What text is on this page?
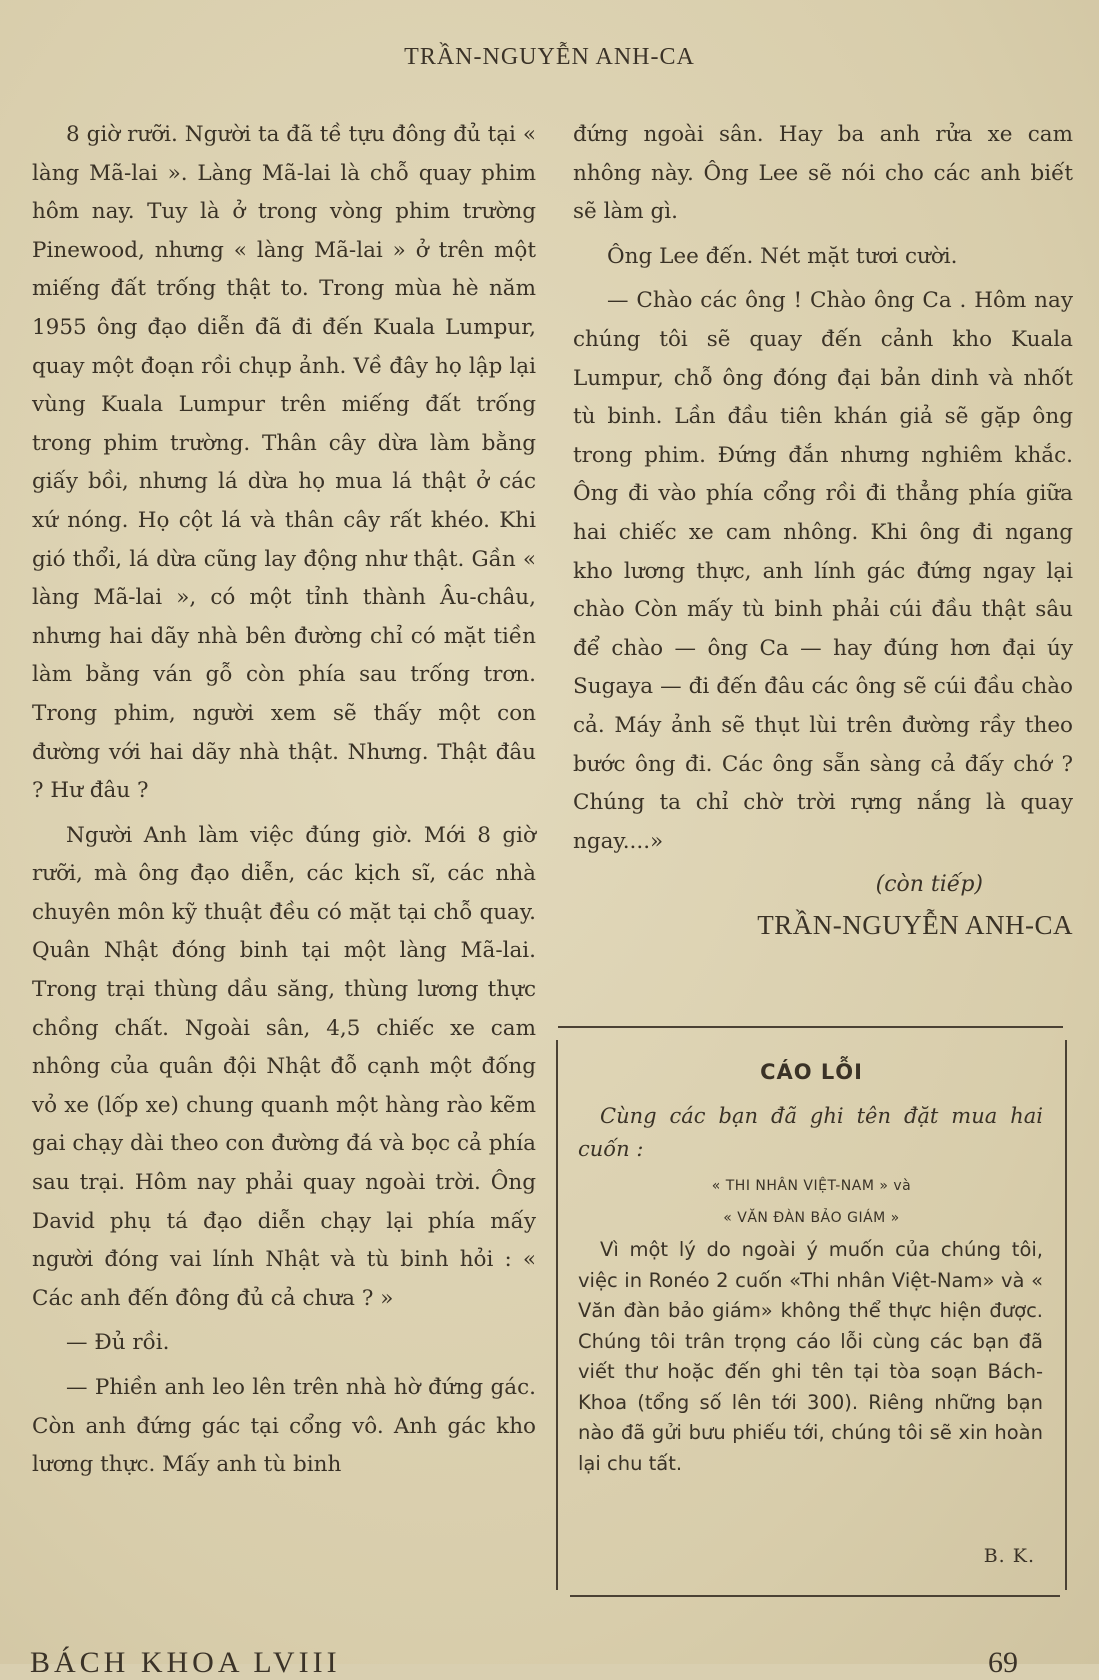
TRẦN-NGUYỄN ANH-CA

8 giờ rưỡi. Người ta đã tề tựu đông đủ tại « làng Mã-lai ». Làng Mã-lai là chỗ quay phim hôm nay. Tuy là ở trong vòng phim trường Pinewood, nhưng « làng Mã-lai » ở trên một miếng đất trống thật to. Trong mùa hè năm 1955 ông đạo diễn đã đi đến Kuala Lumpur, quay một đoạn rồi chụp ảnh. Về đây họ lập lại vùng Kuala Lumpur trên miếng đất trống trong phim trường. Thân cây dừa làm bằng giấy bồi, nhưng lá dừa họ mua lá thật ở các xứ nóng. Họ cột lá và thân cây rất khéo. Khi gió thổi, lá dừa cũng lay động như thật. Gần « làng Mã-lai », có một tỉnh thành Âu-châu, nhưng hai dãy nhà bên đường chỉ có mặt tiền làm bằng ván gỗ còn phía sau trống trơn. Trong phim, người xem sẽ thấy một con đường với hai dãy nhà thật. Nhưng. Thật đâu ? Hư đâu ?

Người Anh làm việc đúng giờ. Mới 8 giờ rưỡi, mà ông đạo diễn, các kịch sĩ, các nhà chuyên môn kỹ thuật đều có mặt tại chỗ quay. Quân Nhật đóng binh tại một làng Mã-lai. Trong trại thùng dầu săng, thùng lương thực chồng chất. Ngoài sân, 4,5 chiếc xe cam nhông của quân đội Nhật đỗ cạnh một đống vỏ xe (lốp xe) chung quanh một hàng rào kẽm gai chạy dài theo con đường đá và bọc cả phía sau trại. Hôm nay phải quay ngoài trời. Ông David phụ tá đạo diễn chạy lại phía mấy người đóng vai lính Nhật và tù binh hỏi : « Các anh đến đông đủ cả chưa ? »

— Đủ rồi.

— Phiền anh leo lên trên nhà hờ đứng gác. Còn anh đứng gác tại cổng vô. Anh gác kho lương thực. Mấy anh tù binh

đứng ngoài sân. Hay ba anh rửa xe cam nhông này. Ông Lee sẽ nói cho các anh biết sẽ làm gì.

Ông Lee đến. Nét mặt tươi cười.

— Chào các ông ! Chào ông Ca . Hôm nay chúng tôi sẽ quay đến cảnh kho Kuala Lumpur, chỗ ông đóng đại bản dinh và nhốt tù binh. Lần đầu tiên khán giả sẽ gặp ông trong phim. Đứng đắn nhưng nghiêm khắc. Ông đi vào phía cổng rồi đi thẳng phía giữa hai chiếc xe cam nhông. Khi ông đi ngang kho lương thực, anh lính gác đứng ngay lại chào Còn mấy tù binh phải cúi đầu thật sâu để chào — ông Ca — hay đúng hơn đại úy Sugaya — đi đến đâu các ông sẽ cúi đầu chào cả. Máy ảnh sẽ thụt lùi trên đường rầy theo bước ông đi. Các ông sẵn sàng cả đấy chớ ? Chúng ta chỉ chờ trời rựng nắng là quay ngay....»

(còn tiếp)
TRẦN-NGUYỄN ANH-CA
CÁO LỖI
Cùng các bạn đã ghi tên đặt mua hai cuốn :
« THI NHÂN VIỆT-NAM » và
« VĂN ĐÀN BẢO GIÁM »
Vì một lý do ngoài ý muốn của chúng tôi, việc in Ronéo 2 cuốn «Thi nhân Việt-Nam» và « Văn đàn bảo giám» không thể thực hiện được. Chúng tôi trân trọng cáo lỗi cùng các bạn đã viết thư hoặc đến ghi tên tại tòa soạn Bách-Khoa (tổng số lên tới 300). Riêng những bạn nào đã gửi bưu phiếu tới, chúng tôi sẽ xin hoàn lại chu tất.
B. K.
BÁCH KHOA LVIII	69
